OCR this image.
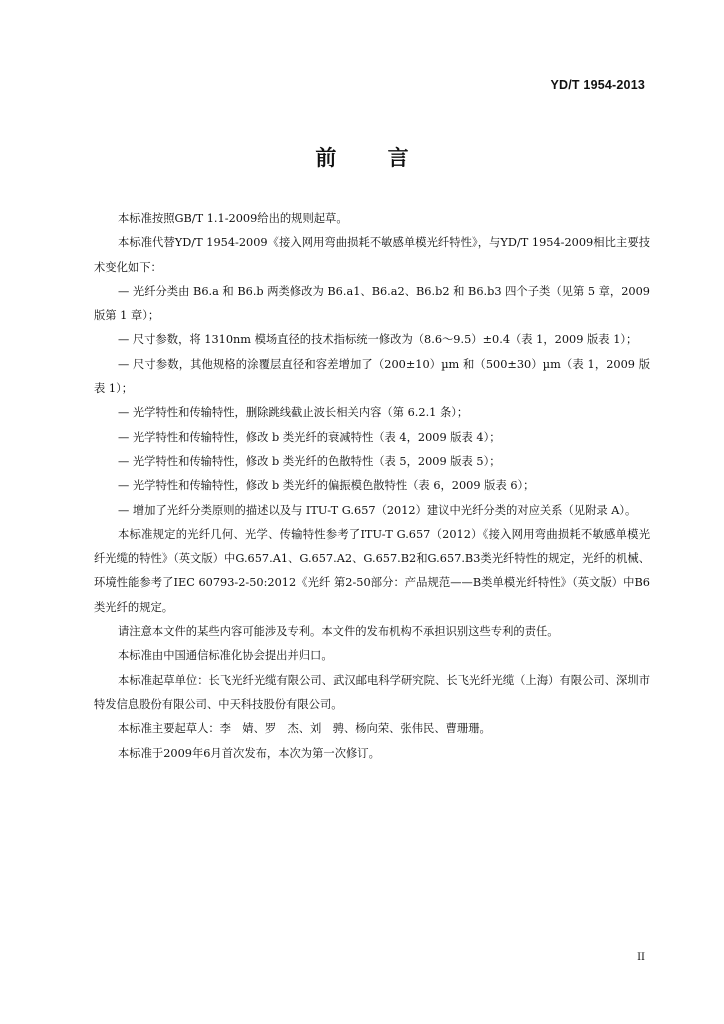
YD/T 1954-2013
前 言

本标准按照GB/T 1.1-2009给出的规则起草。

本标准代替YD/T 1954-2009《接入网用弯曲损耗不敏感单模光纤特性》，与YD/T 1954-2009相比主要技术变化如下：

— 光纤分类由 B6.a 和 B6.b 两类修改为 B6.a1、B6.a2、B6.b2 和 B6.b3 四个子类（见第 5 章，2009版第 1 章）；

— 尺寸参数，将 1310nm 模场直径的技术指标统一修改为（8.6～9.5）±0.4（表 1，2009 版表 1）；

— 尺寸参数，其他规格的涂覆层直径和容差增加了（200±10）µm 和（500±30）µm（表 1，2009 版表 1）；

— 光学特性和传输特性，删除跳线截止波长相关内容（第 6.2.1 条）；

— 光学特性和传输特性，修改 b 类光纤的衰减特性（表 4，2009 版表 4）；

— 光学特性和传输特性，修改 b 类光纤的色散特性（表 5，2009 版表 5）；

— 光学特性和传输特性，修改 b 类光纤的偏振模色散特性（表 6，2009 版表 6）；

— 增加了光纤分类原则的描述以及与 ITU-T G.657（2012）建议中光纤分类的对应关系（见附录 A）。

本标准规定的光纤几何、光学、传输特性参考了ITU-T G.657（2012）《接入网用弯曲损耗不敏感单模光纤光缆的特性》（英文版）中G.657.A1、G.657.A2、G.657.B2和G.657.B3类光纤特性的规定，光纤的机械、环境性能参考了IEC 60793-2-50:2012《光纤 第2-50部分：产品规范——B类单模光纤特性》（英文版）中B6类光纤的规定。

请注意本文件的某些内容可能涉及专利。本文件的发布机构不承担识别这些专利的责任。

本标准由中国通信标准化协会提出并归口。

本标准起草单位：长飞光纤光缆有限公司、武汉邮电科学研究院、长飞光纤光缆（上海）有限公司、深圳市特发信息股份有限公司、中天科技股份有限公司。

本标准主要起草人：李　婧、罗　杰、刘　骋、杨向荣、张伟民、曹珊珊。

本标准于2009年6月首次发布，本次为第一次修订。

II
